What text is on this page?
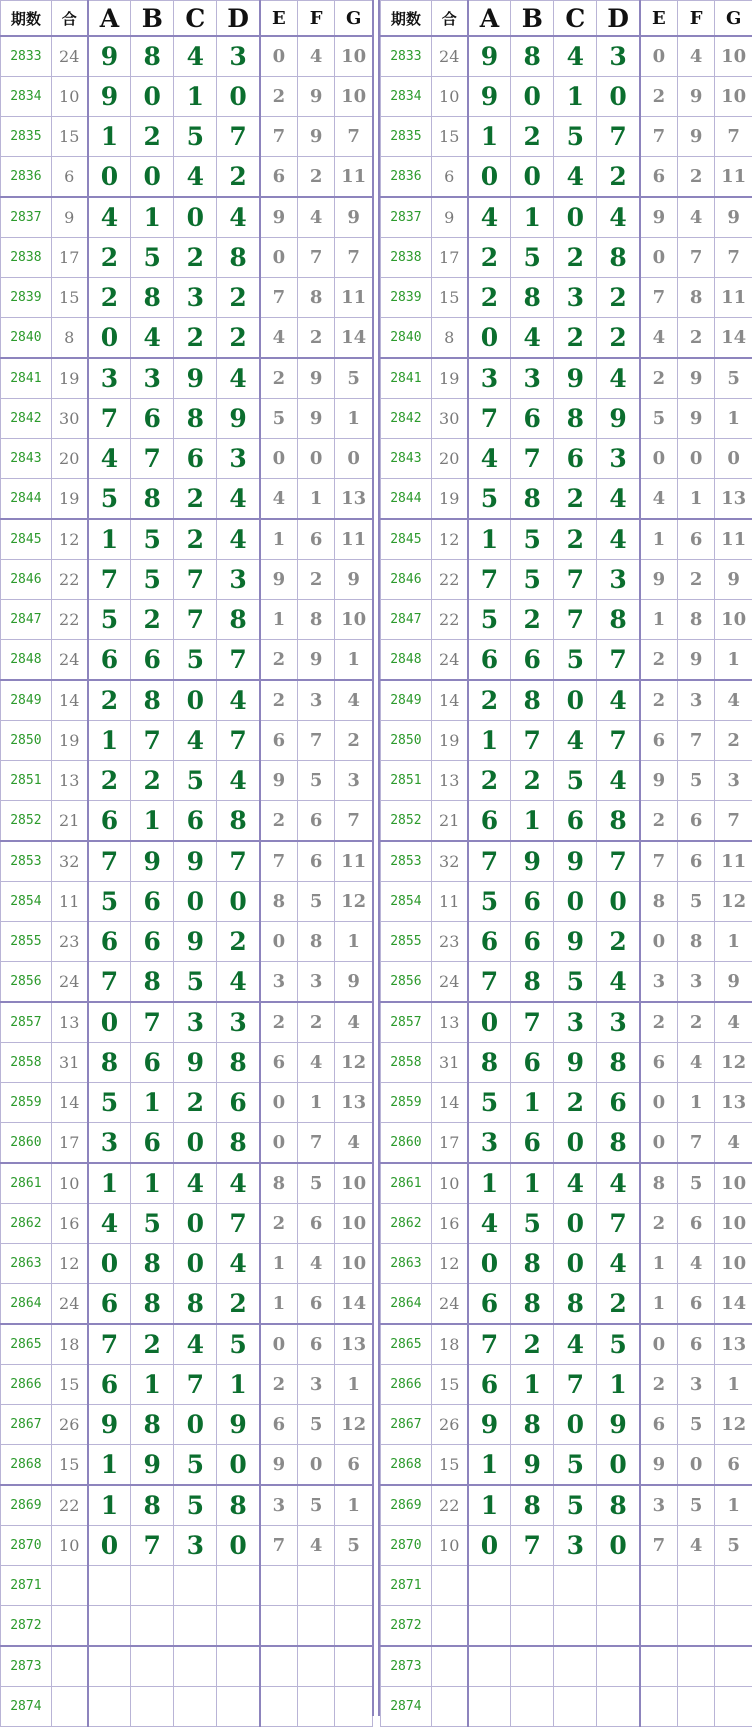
期数	合	A	B	C	D	E	F	G
2833	24	9	8	4	3	0	4	10
2834	10	9	0	1	0	2	9	10
2835	15	1	2	5	7	7	9	7
2836	6	0	0	4	2	6	2	11
2837	9	4	1	0	4	9	4	9
2838	17	2	5	2	8	0	7	7
2839	15	2	8	3	2	7	8	11
2840	8	0	4	2	2	4	2	14
2841	19	3	3	9	4	2	9	5
2842	30	7	6	8	9	5	9	1
2843	20	4	7	6	3	0	0	0
2844	19	5	8	2	4	4	1	13
2845	12	1	5	2	4	1	6	11
2846	22	7	5	7	3	9	2	9
2847	22	5	2	7	8	1	8	10
2848	24	6	6	5	7	2	9	1
2849	14	2	8	0	4	2	3	4
2850	19	1	7	4	7	6	7	2
2851	13	2	2	5	4	9	5	3
2852	21	6	1	6	8	2	6	7
2853	32	7	9	9	7	7	6	11
2854	11	5	6	0	0	8	5	12
2855	23	6	6	9	2	0	8	1
2856	24	7	8	5	4	3	3	9
2857	13	0	7	3	3	2	2	4
2858	31	8	6	9	8	6	4	12
2859	14	5	1	2	6	0	1	13
2860	17	3	6	0	8	0	7	4
2861	10	1	1	4	4	8	5	10
2862	16	4	5	0	7	2	6	10
2863	12	0	8	0	4	1	4	10
2864	24	6	8	8	2	1	6	14
2865	18	7	2	4	5	0	6	13
2866	15	6	1	7	1	2	3	1
2867	26	9	8	0	9	6	5	12
2868	15	1	9	5	0	9	0	6
2869	22	1	8	5	8	3	5	1
2870	10	0	7	3	0	7	4	5
2871								
2872								
2873								
2874								
期数	合	A	B	C	D	E	F	G
2833	24	9	8	4	3	0	4	10
2834	10	9	0	1	0	2	9	10
2835	15	1	2	5	7	7	9	7
2836	6	0	0	4	2	6	2	11
2837	9	4	1	0	4	9	4	9
2838	17	2	5	2	8	0	7	7
2839	15	2	8	3	2	7	8	11
2840	8	0	4	2	2	4	2	14
2841	19	3	3	9	4	2	9	5
2842	30	7	6	8	9	5	9	1
2843	20	4	7	6	3	0	0	0
2844	19	5	8	2	4	4	1	13
2845	12	1	5	2	4	1	6	11
2846	22	7	5	7	3	9	2	9
2847	22	5	2	7	8	1	8	10
2848	24	6	6	5	7	2	9	1
2849	14	2	8	0	4	2	3	4
2850	19	1	7	4	7	6	7	2
2851	13	2	2	5	4	9	5	3
2852	21	6	1	6	8	2	6	7
2853	32	7	9	9	7	7	6	11
2854	11	5	6	0	0	8	5	12
2855	23	6	6	9	2	0	8	1
2856	24	7	8	5	4	3	3	9
2857	13	0	7	3	3	2	2	4
2858	31	8	6	9	8	6	4	12
2859	14	5	1	2	6	0	1	13
2860	17	3	6	0	8	0	7	4
2861	10	1	1	4	4	8	5	10
2862	16	4	5	0	7	2	6	10
2863	12	0	8	0	4	1	4	10
2864	24	6	8	8	2	1	6	14
2865	18	7	2	4	5	0	6	13
2866	15	6	1	7	1	2	3	1
2867	26	9	8	0	9	6	5	12
2868	15	1	9	5	0	9	0	6
2869	22	1	8	5	8	3	5	1
2870	10	0	7	3	0	7	4	5
2871								
2872								
2873								
2874								
